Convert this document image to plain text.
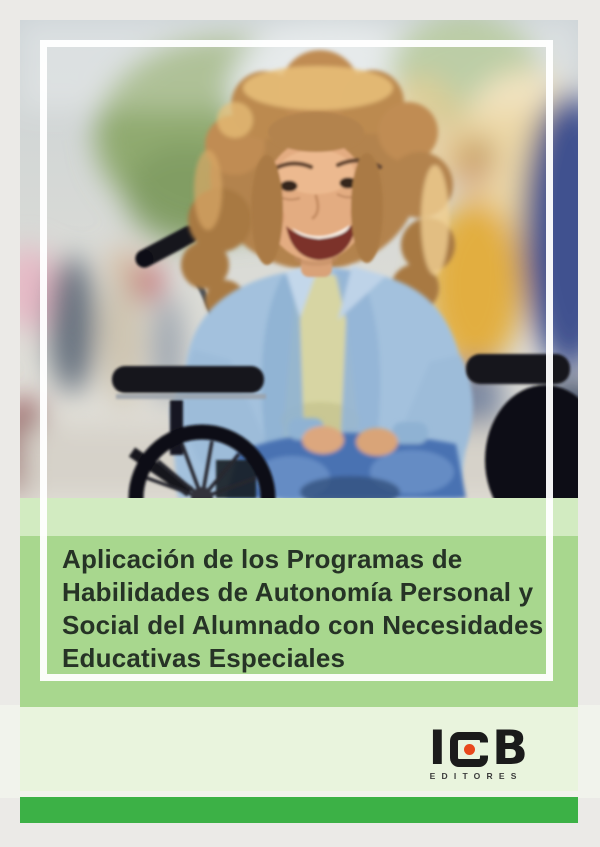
Aplicación de los Programas de
Habilidades de Autonomía Personal y
Social del Alumnado con Necesidades
Educativas Especiales
I B
EDITORES
